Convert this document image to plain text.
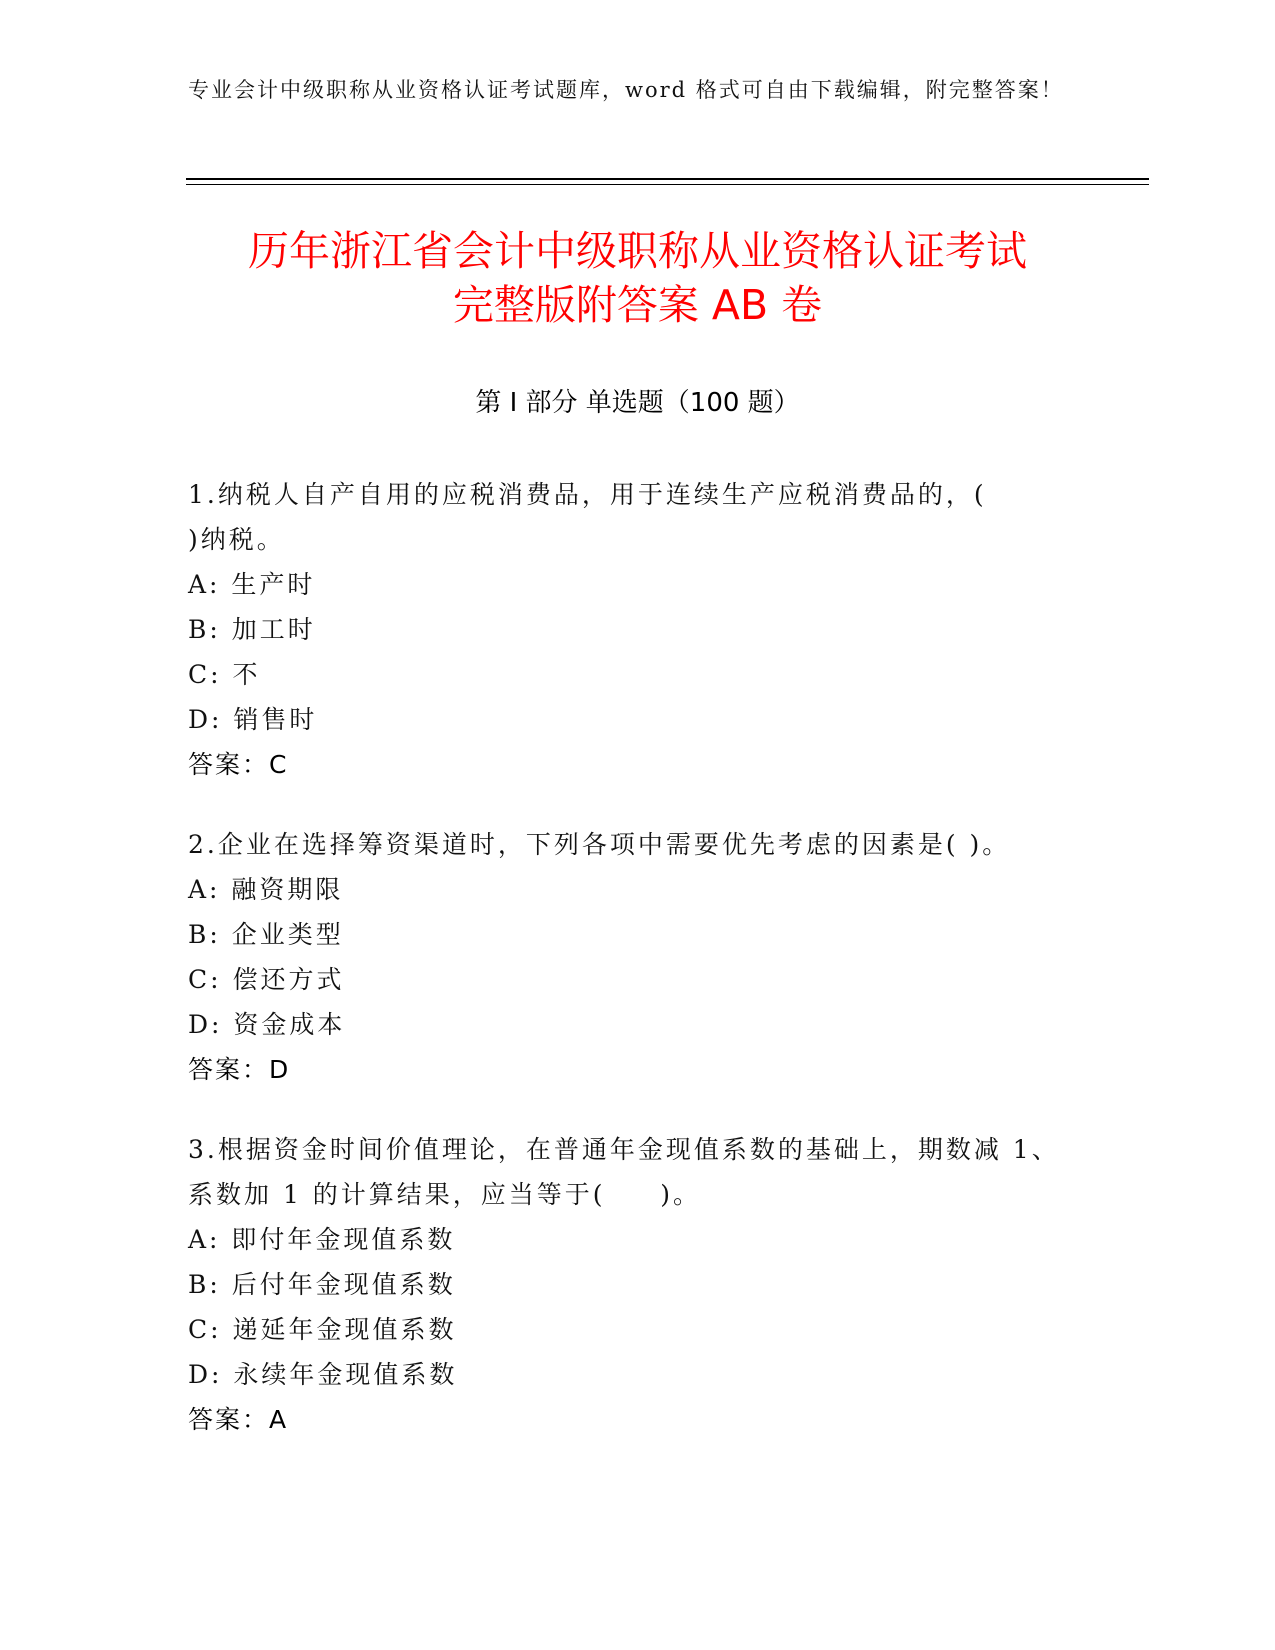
专业会计中级职称从业资格认证考试题库，word 格式可自由下载编辑，附完整答案！
历年浙江省会计中级职称从业资格认证考试
完整版附答案 AB 卷
第 I 部分 单选题（100 题）
1.纳税人自产自用的应税消费品，用于连续生产应税消费品的，(
)纳税。
A: 生产时
B: 加工时
C: 不
D: 销售时
答案：C
2.企业在选择筹资渠道时，下列各项中需要优先考虑的因素是( )。
A: 融资期限
B: 企业类型
C: 偿还方式
D: 资金成本
答案：D
3.根据资金时间价值理论，在普通年金现值系数的基础上，期数减 1、
系数加 1 的计算结果，应当等于(     )。
A: 即付年金现值系数
B: 后付年金现值系数
C: 递延年金现值系数
D: 永续年金现值系数
答案：A
